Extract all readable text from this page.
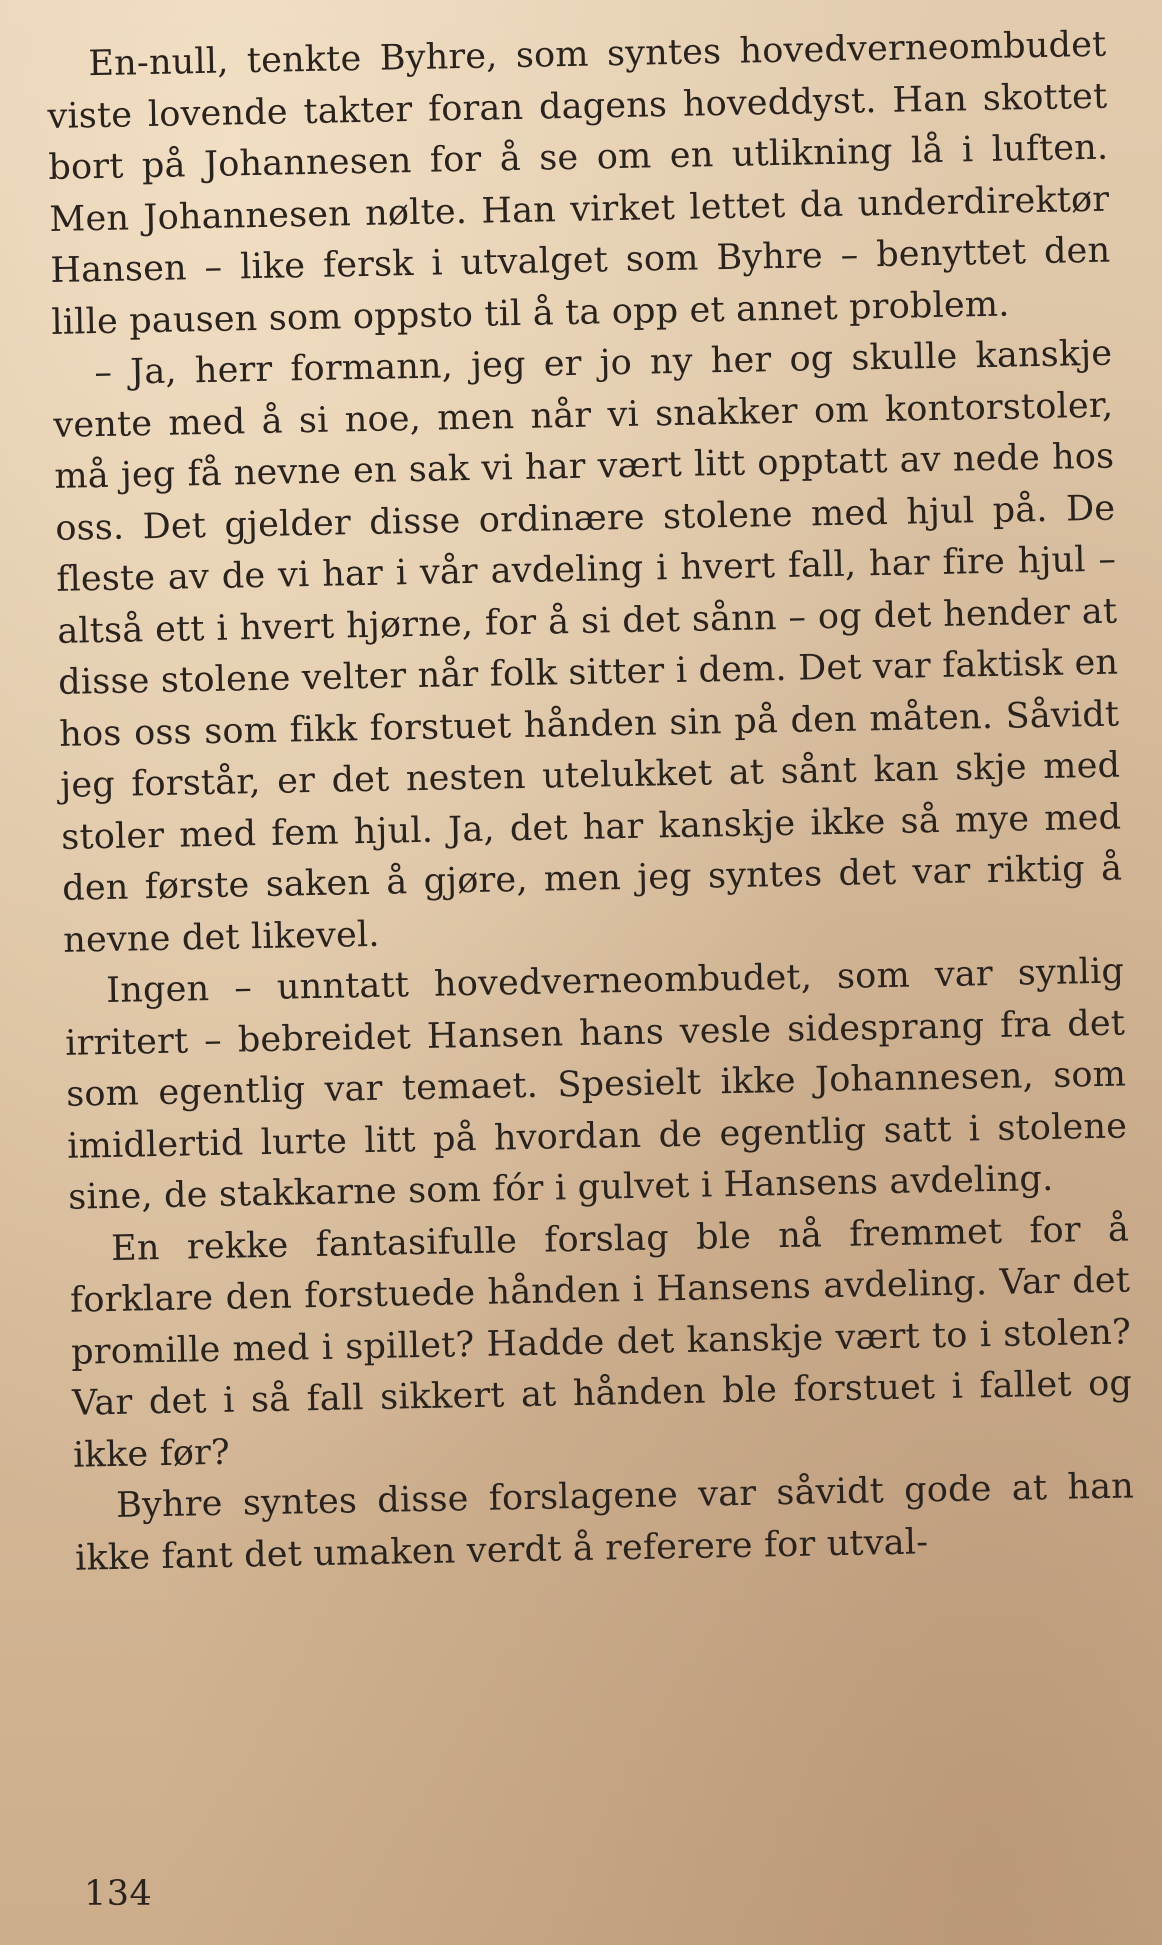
En-null, tenkte Byhre, som syntes hovedverneombudet viste lovende takter foran dagens hoveddyst. Han skottet bort på Johannesen for å se om en utlikning lå i luften. Men Johannesen nølte. Han virket lettet da underdirektør Hansen – like fersk i utvalget som Byhre – benyttet den lille pausen som oppsto til å ta opp et annet problem.

– Ja, herr formann, jeg er jo ny her og skulle kanskje vente med å si noe, men når vi snakker om kontorstoler, må jeg få nevne en sak vi har vært litt opptatt av nede hos oss. Det gjelder disse ordinære stolene med hjul på. De fleste av de vi har i vår avdeling i hvert fall, har fire hjul – altså ett i hvert hjørne, for å si det sånn – og det hender at disse stolene velter når folk sitter i dem. Det var faktisk en hos oss som fikk forstuet hånden sin på den måten. Såvidt jeg forstår, er det nesten utelukket at sånt kan skje med stoler med fem hjul. Ja, det har kanskje ikke så mye med den første saken å gjøre, men jeg syntes det var riktig å nevne det likevel.

Ingen – unntatt hovedverneombudet, som var synlig irritert – bebreidet Hansen hans vesle sidesprang fra det som egentlig var temaet. Spesielt ikke Johannesen, som imidlertid lurte litt på hvordan de egentlig satt i stolene sine, de stakkarne som fór i gulvet i Hansens avdeling.

En rekke fantasifulle forslag ble nå fremmet for å forklare den forstuede hånden i Hansens avdeling. Var det promille med i spillet? Hadde det kanskje vært to i stolen? Var det i så fall sikkert at hånden ble forstuet i fallet og ikke før?

Byhre syntes disse forslagene var såvidt gode at han ikke fant det umaken verdt å referere for utval-

134
